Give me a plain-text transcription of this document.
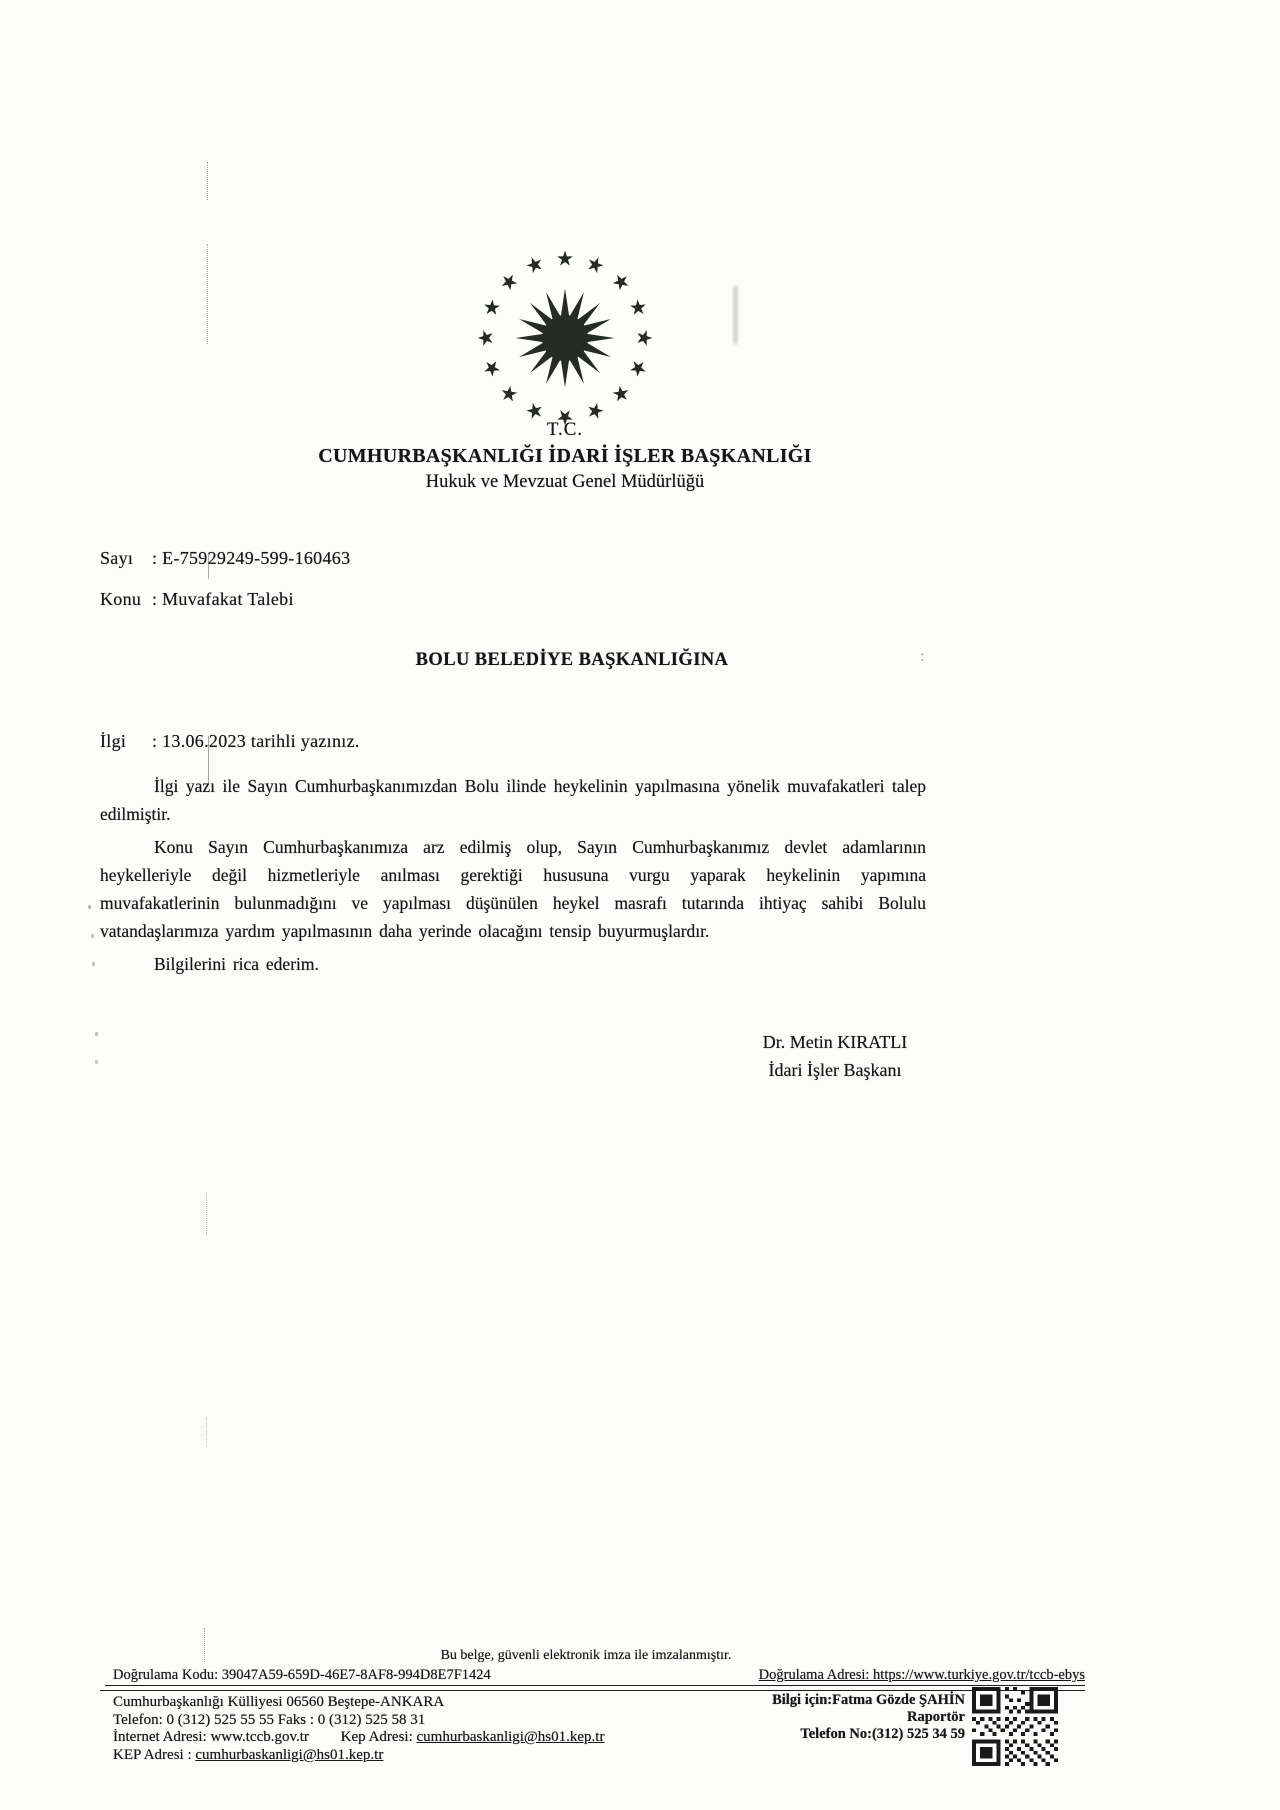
T.C.
CUMHURBAŞKANLIĞI İDARİ İŞLER BAŞKANLIĞI
Hukuk ve Mevzuat Genel Müdürlüğü
Sayı	: E-75929249-599-160463
Konu : Muvafakat Talebi
BOLU BELEDİYE BAŞKANLIĞINA
İlgi	: 13.06.2023 tarihli yazınız.

İlgi yazı ile Sayın Cumhurbaşkanımızdan Bolu ilinde heykelinin yapılmasına yönelik muvafakatleri talep edilmiştir.

Konu Sayın Cumhurbaşkanımıza arz edilmiş olup, Sayın Cumhurbaşkanımız devlet adamlarının heykelleriyle değil hizmetleriyle anılması gerektiği hususuna vurgu yaparak heykelinin yapımına muvafakatlerinin bulunmadığını ve yapılması düşünülen heykel masrafı tutarında ihtiyaç sahibi Bolulu vatandaşlarımıza yardım yapılmasının daha yerinde olacağını tensip buyurmuşlardır.

Bilgilerini rica ederim.

Dr. Metin KIRATLI
İdari İşler Başkanı
Bu belge, güvenli elektronik imza ile imzalanmıştır.
Doğrulama Kodu: 39047A59-659D-46E7-8AF8-994D8E7F1424	Doğrulama Adresi: https://www.turkiye.gov.tr/tccb-ebys
Cumhurbaşkanlığı Külliyesi 06560 Beştepe-ANKARA
Telefon: 0 (312) 525 55 55 Faks : 0 (312) 525 58 31
İnternet Adresi: www.tccb.gov.tr Kep Adresi: cumhurbaskanligi@hs01.kep.tr
KEP Adresi : cumhurbaskanligi@hs01.kep.tr
Bilgi için:Fatma Gözde ŞAHİN
Raportör
Telefon No:(312) 525 34 59
:
